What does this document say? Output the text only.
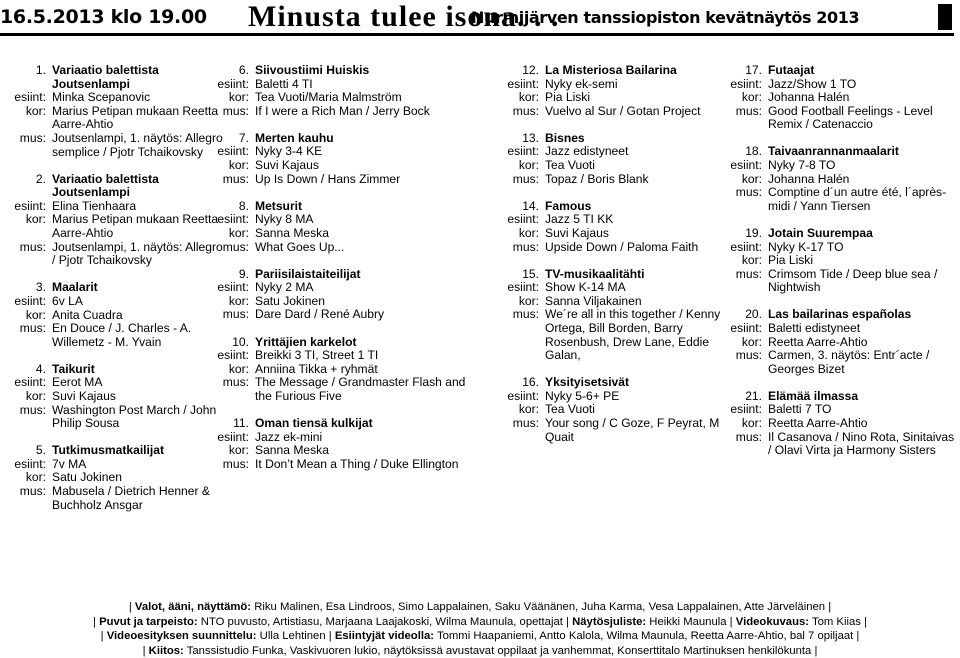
16.5.2013 klo 19.00 Minusta tulee isona. . .
Nurmijärven tanssiopiston kevätnäytös 2013
1. Variaatio balettista Joutsenlampi
esiint: Minka Scepanovic
kor: Marius Petipan mukaan Reetta Aarre-Ahtio
mus: Joutsenlampi, 1. näytös: Allegro semplice / Pjotr Tchaikovsky
2. Variaatio balettista Joutsenlampi
esiint: Elina Tienhaara
kor: Marius Petipan mukaan Reetta Aarre-Ahtio
mus: Joutsenlampi, 1. näytös: Allegro / Pjotr Tchaikovsky
3. Maalarit
esiint: 6v LA
kor: Anita Cuadra
mus: En Douce / J. Charles - A. Willemetz - M. Yvain
4. Taikurit
esiint: Eerot MA
kor: Suvi Kajaus
mus: Washington Post March / John Philip Sousa
5. Tutkimusmatkailijat
esiint: 7v MA
kor: Satu Jokinen
mus: Mabusela / Dietrich Henner & Buchholz Ansgar
6. Siivoustiimi Huiskis
esiint: Baletti 4 TI
kor: Tea Vuoti/Maria Malmström
mus: If I were a Rich Man / Jerry Bock
7. Merten kauhu
esiint: Nyky 3-4 KE
kor: Suvi Kajaus
mus: Up Is Down / Hans Zimmer
8. Metsurit
esiint: Nyky 8 MA
kor: Sanna Meska
mus: What Goes Up...
9. Pariisilaistaiteilijat
esiint: Nyky 2 MA
kor: Satu Jokinen
mus: Dare Dard / René Aubry
10. Yrittäjien karkelot
esiint: Breikki 3 TI, Street 1 TI
kor: Anniina Tikka + ryhmät
mus: The Message / Grandmaster Flash and the Furious Five
11. Oman tiensä kulkijat
esiint: Jazz ek-mini
kor: Sanna Meska
mus: It Don’t Mean a Thing / Duke Ellington
12. La Misteriosa Bailarina
esiint: Nyky ek-semi
kor: Pia Liski
mus: Vuelvo al Sur / Gotan Project
13. Bisnes
esiint: Jazz edistyneet
kor: Tea Vuoti
mus: Topaz / Boris Blank
14. Famous
esiint: Jazz 5 TI KK
kor: Suvi Kajaus
mus: Upside Down / Paloma Faith
15. TV-musikaalitähti
esiint: Show K-14 MA
kor: Sanna Viljakainen
mus: We´re all in this together / Kenny Ortega, Bill Borden, Barry Rosenbush, Drew Lane, Eddie Galan,
16. Yksityisetsivät
esiint: Nyky 5-6+ PE
kor: Tea Vuoti
mus: Your song / C Goze, F Peyrat, M Quait
17. Futaajat
esiint: Jazz/Show 1 TO
kor: Johanna Halén
mus: Good Football Feelings - Level Remix / Catenaccio
18. Taivaanrannanmaalarit
esiint: Nyky 7-8 TO
kor: Johanna Halén
mus: Comptine d´un autre été, l´après-midi / Yann Tiersen
19. Jotain Suurempaa
esiint: Nyky K-17 TO
kor: Pia Liski
mus: Crimsom Tide / Deep blue sea / Nightwish
20. Las bailarinas españolas
esiint: Baletti edistyneet
kor: Reetta Aarre-Ahtio
mus: Carmen, 3. näytös: Entr´acte / Georges Bizet
21. Elämää ilmassa
esiint: Baletti 7 TO
kor: Reetta Aarre-Ahtio
mus: Il Casanova / Nino Rota, Sinitaivas / Olavi Virta ja Harmony Sisters
| Valot, ääni, näyttämö: Riku Malinen, Esa Lindroos, Simo Lappalainen, Saku Väänänen, Juha Karma, Vesa Lappalainen, Atte Järveläinen |
| Puvut ja tarpeisto: NTO puvusto, Artistiasu, Marjaana Laajakoski, Wilma Maunula, opettajat | Näytösjuliste: Heikki Maunula | Videokuvaus: Tom Kiias |
| Videoesityksen suunnittelu: Ulla Lehtinen | Esiintyjät videolla: Tommi Haapaniemi, Antto Kalola, Wilma Maunula, Reetta Aarre-Ahtio, bal 7 opiljaat |
| Kiitos: Tanssistudio Funka, Vaskivuoren lukio, näytöksissä avustavat oppilaat ja vanhemmat, Konserttitalo Martinuksen henkilökunta |
